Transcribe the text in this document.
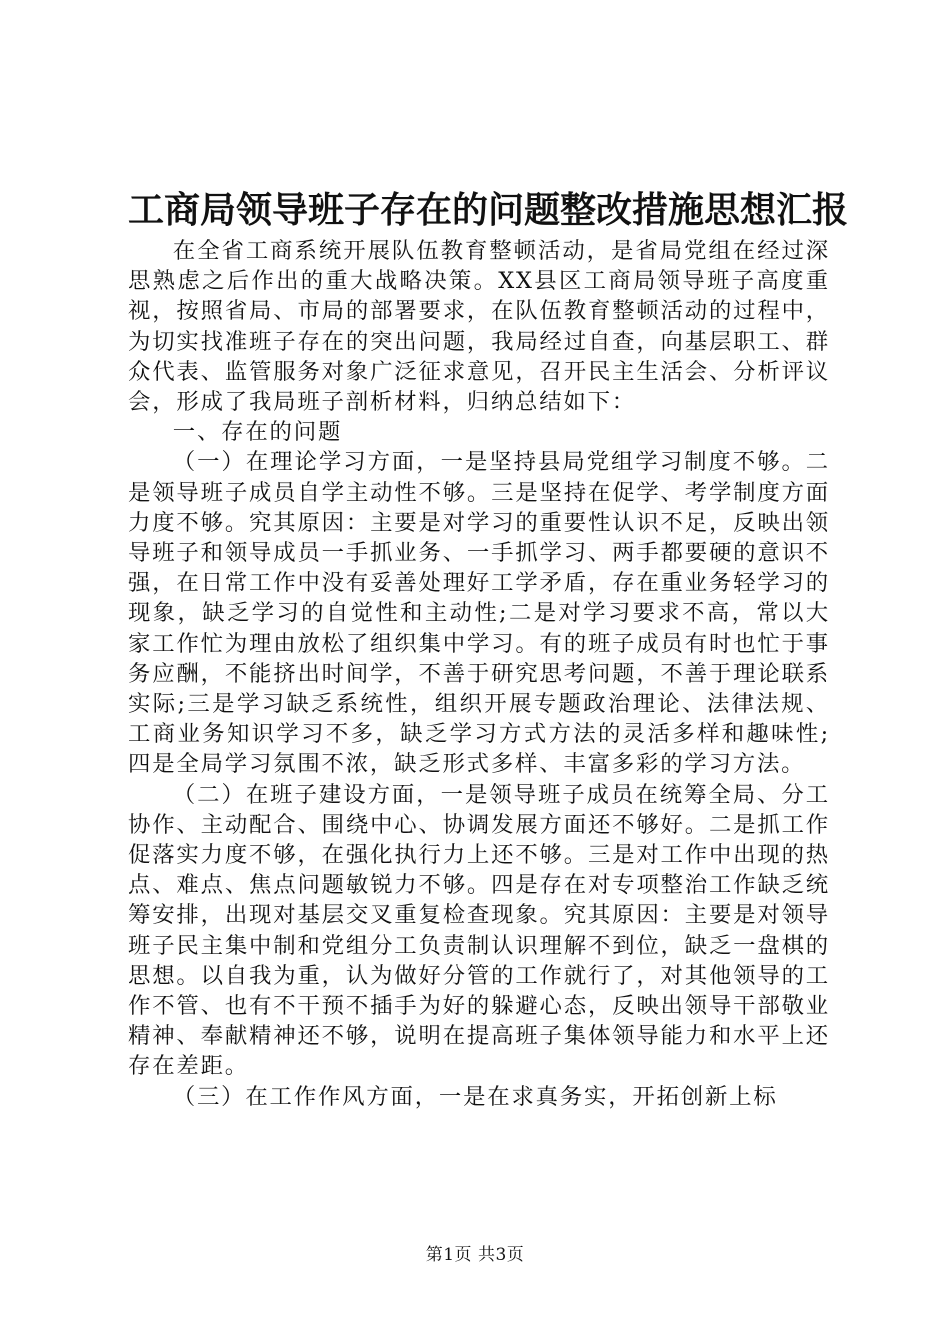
工商局领导班子存在的问题整改措施思想汇报

在全省工商系统开展队伍教育整顿活动，是省局党组在经过深思熟虑之后作出的重大战略决策。XX县区工商局领导班子高度重视，按照省局、市局的部署要求，在队伍教育整顿活动的过程中，为切实找准班子存在的突出问题，我局经过自查，向基层职工、群众代表、监管服务对象广泛征求意见，召开民主生活会、分析评议会，形成了我局班子剖析材料，归纳总结如下：

一、存在的问题

（一）在理论学习方面，一是坚持县局党组学习制度不够。二是领导班子成员自学主动性不够。三是坚持在促学、考学制度方面力度不够。究其原因：主要是对学习的重要性认识不足，反映出领导班子和领导成员一手抓业务、一手抓学习、两手都要硬的意识不强，在日常工作中没有妥善处理好工学矛盾，存在重业务轻学习的现象，缺乏学习的自觉性和主动性;二是对学习要求不高，常以大家工作忙为理由放松了组织集中学习。有的班子成员有时也忙于事务应酬，不能挤出时间学，不善于研究思考问题，不善于理论联系实际;三是学习缺乏系统性，组织开展专题政治理论、法律法规、工商业务知识学习不多，缺乏学习方式方法的灵活多样和趣味性;四是全局学习氛围不浓，缺乏形式多样、丰富多彩的学习方法。

（二）在班子建设方面，一是领导班子成员在统筹全局、分工协作、主动配合、围绕中心、协调发展方面还不够好。二是抓工作促落实力度不够，在强化执行力上还不够。三是对工作中出现的热点、难点、焦点问题敏锐力不够。四是存在对专项整治工作缺乏统筹安排，出现对基层交叉重复检查现象。究其原因：主要是对领导班子民主集中制和党组分工负责制认识理解不到位，缺乏一盘棋的思想。以自我为重，认为做好分管的工作就行了，对其他领导的工作不管、也有不干预不插手为好的躲避心态，反映出领导干部敬业精神、奉献精神还不够，说明在提高班子集体领导能力和水平上还存在差距。

（三）在工作作风方面，一是在求真务实，开拓创新上标

第1页 共3页
